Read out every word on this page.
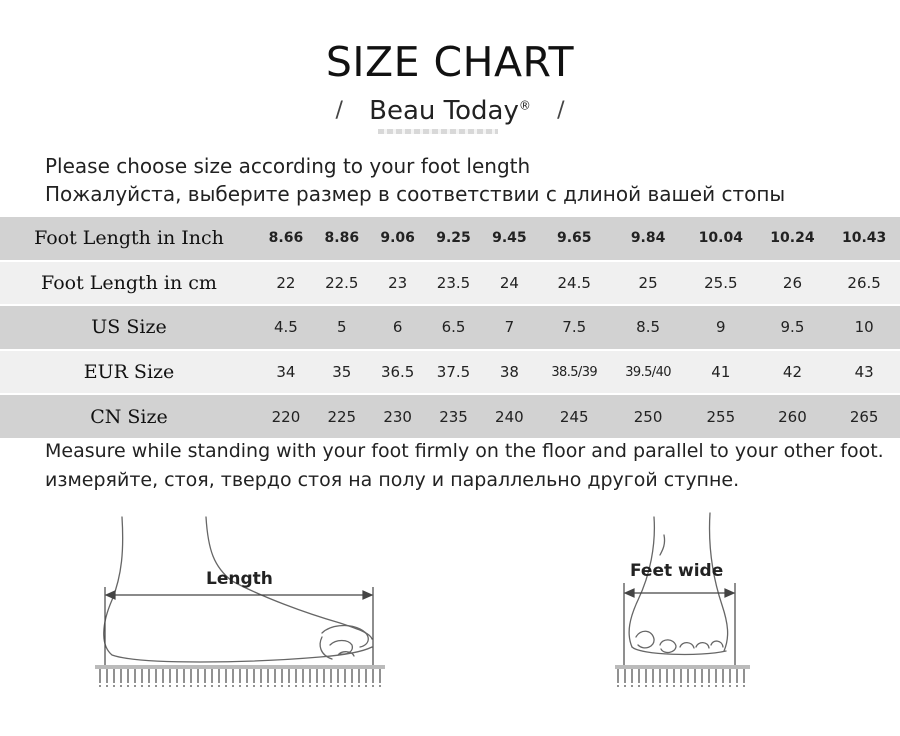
SIZE CHART
/ Beau Today® /
Please choose size according to your foot length
Пожалуйста, выберите размер в соответствии с длиной вашей стопы
Foot Length in Inch	8.66	8.86	9.06	9.25	9.45	9.65	9.84	10.04	10.24	10.43

Foot Length in cm	22	22.5	23	23.5	24	24.5	25	25.5	26	26.5

US Size	4.5	5	6	6.5	7	7.5	8.5	9	9.5	10

EUR Size	34	35	36.5	37.5	38	38.5/39	39.5/40	41	42	43

CN Size	220	225	230	235	240	245	250	255	260	265
Measure while standing with your foot firmly on the floor and parallel to your other foot.
измеряйте, стоя, твердо стоя на полу и параллельно другой ступне.
Length	Feet wide
